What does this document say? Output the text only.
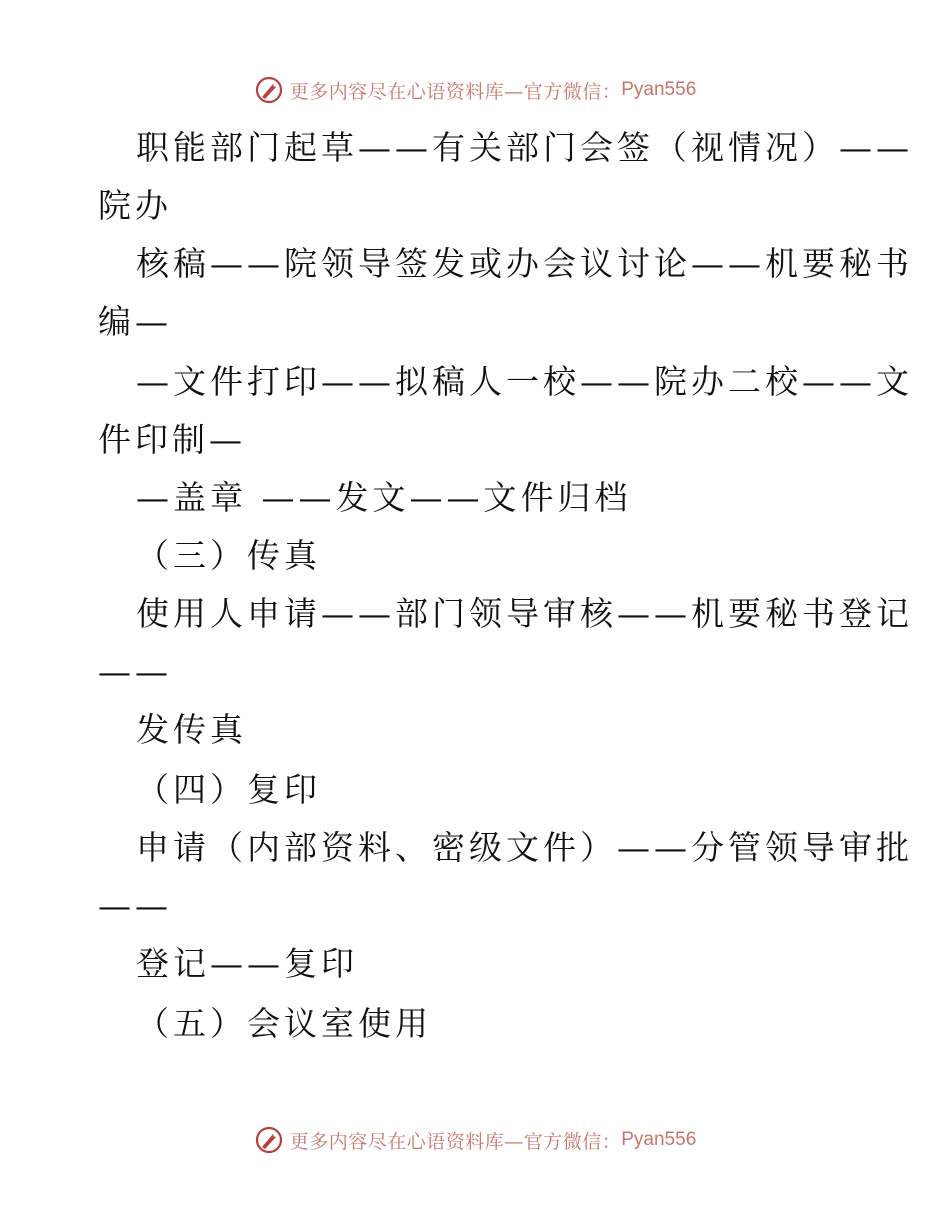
更多内容尽在心语资料库—官方微信： Pyan556
职能部门起草——有关部门会签（视情况）——
院办
核稿——院领导签发或办会议讨论——机要秘书
编—
—文件打印——拟稿人一校——院办二校——文
件印制—
—盖章 ——发文——文件归档
（三）传真
使用人申请——部门领导审核——机要秘书登记
——
发传真
（四）复印
申请（内部资料、密级文件）——分管领导审批
——
登记——复印
（五）会议室使用
更多内容尽在心语资料库—官方微信： Pyan556
